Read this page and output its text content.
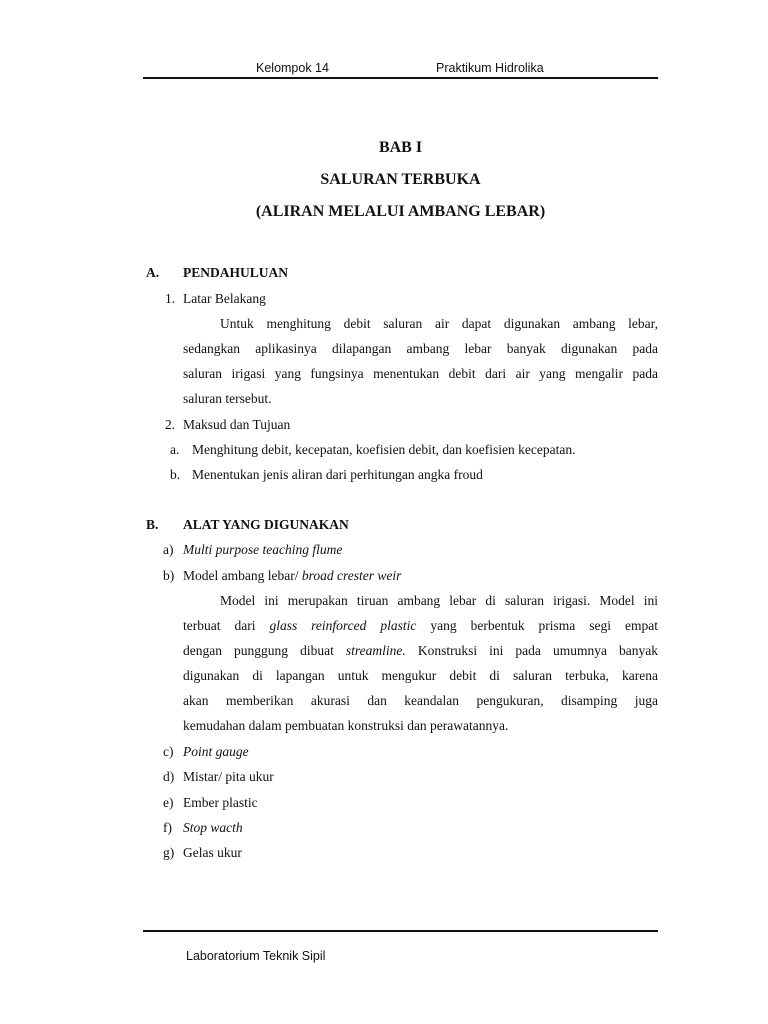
Kelompok 14	Praktikum Hidrolika
BAB I
SALURAN TERBUKA
(ALIRAN MELALUI AMBANG LEBAR)
A. PENDAHULUAN
1. Latar Belakang
Untuk menghitung debit saluran air dapat digunakan ambang lebar,
sedangkan aplikasinya dilapangan ambang lebar banyak digunakan pada
saluran irigasi yang fungsinya menentukan debit dari air yang mengalir pada
saluran tersebut.
2. Maksud dan Tujuan
a. Menghitung debit, kecepatan, koefisien debit, dan koefisien kecepatan.
b. Menentukan jenis aliran dari perhitungan angka froud
B. ALAT YANG DIGUNAKAN
a) Multi purpose teaching flume
b) Model ambang lebar/ broad crester weir
Model ini merupakan tiruan ambang lebar di saluran irigasi. Model ini
terbuat dari glass reinforced plastic yang berbentuk prisma segi empat
dengan punggung dibuat streamline. Konstruksi ini pada umumnya banyak
digunakan di lapangan untuk mengukur debit di saluran terbuka, karena
akan memberikan akurasi dan keandalan pengukuran, disamping juga
kemudahan dalam pembuatan konstruksi dan perawatannya.
c) Point gauge
d) Mistar/ pita ukur
e) Ember plastic
f) Stop wacth
g) Gelas ukur
Laboratorium Teknik Sipil
